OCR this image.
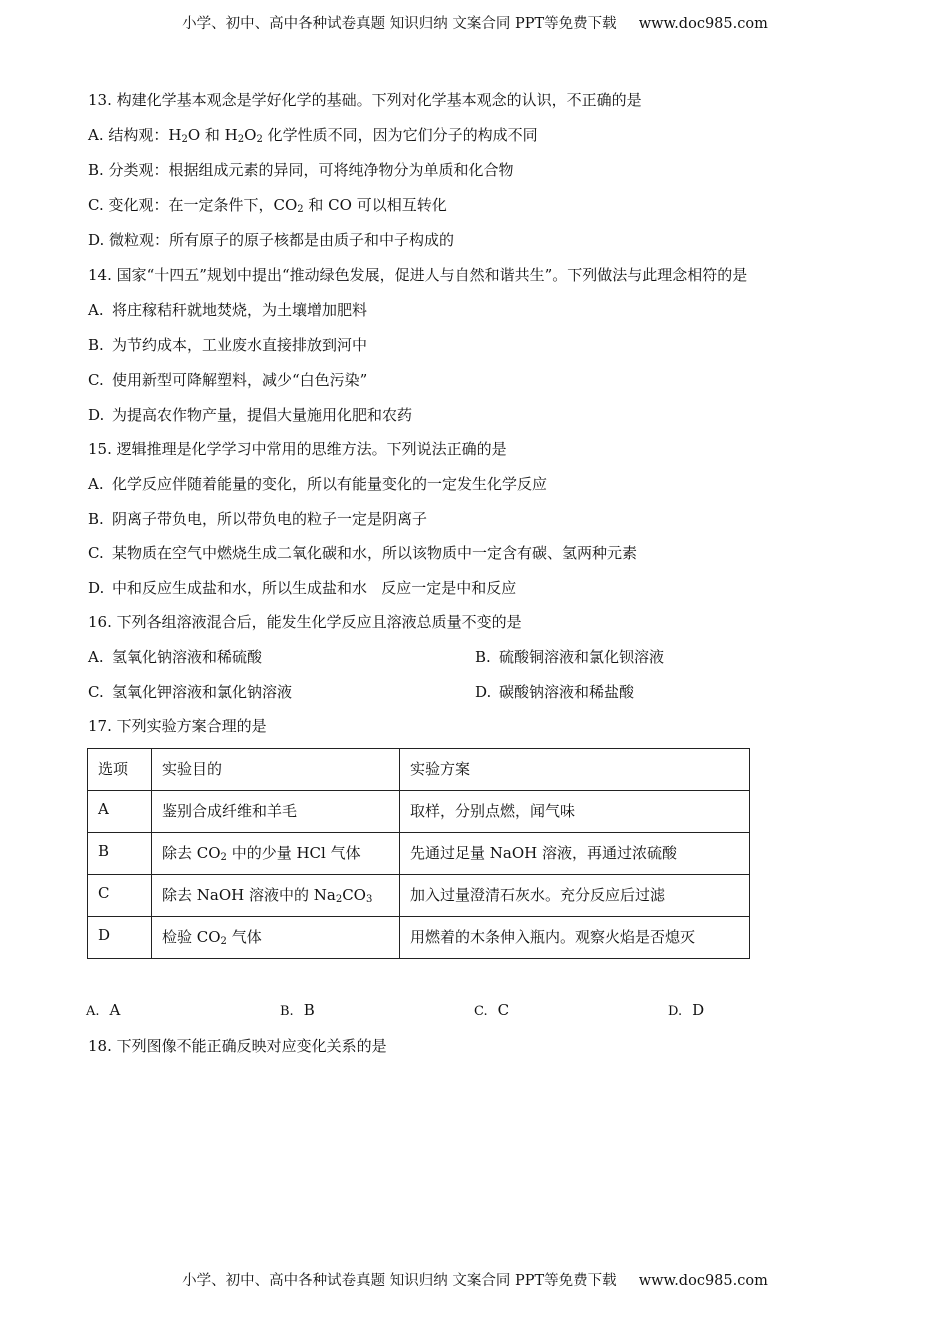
小学、初中、高中各种试卷真题 知识归纳 文案合同 PPT等免费下载 www.doc985.com
13. 构建化学基本观念是学好化学的基础。下列对化学基本观念的认识，不正确的是
A. 结构观：$H_2O$ 和 $H_2O_2$ 化学性质不同，因为它们分子的构成不同
B. 分类观：根据组成元素的异同，可将纯净物分为单质和化合物
C. 变化观：在一定条件下，$CO_2$ 和 CO 可以相互转化
D. 微粒观：所有原子的原子核都是由质子和中子构成的
14. 国家“十四五”规划中提出“推动绿色发展，促进人与自然和谐共生”。下列做法与此理念相符的是
A. 将庄稼秸秆就地焚烧，为土壤增加肥料
B. 为节约成本，工业废水直接排放到河中
C. 使用新型可降解塑料，减少“白色污染”
D. 为提高农作物产量，提倡大量施用化肥和农药
15. 逻辑推理是化学学习中常用的思维方法。下列说法正确的是
A. 化学反应伴随着能量的变化，所以有能量变化的一定发生化学反应
B. 阴离子带负电，所以带负电的粒子一定是阴离子
C. 某物质在空气中燃烧生成二氧化碳和水，所以该物质中一定含有碳、氢两种元素
D. 中和反应生成盐和水，所以生成盐和水   反应一定是中和反应
16. 下列各组溶液混合后，能发生化学反应且溶液总质量不变的是
A. 氢氧化钠溶液和稀硫酸	B. 硫酸铜溶液和氯化钡溶液
C. 氢氧化钾溶液和氯化钠溶液	D. 碳酸钠溶液和稀盐酸
17. 下列实验方案合理的是
选项	实验目的	实验方案
A	鉴别合成纤维和羊毛	取样，分别点燃，闻气味
B	除去 $CO_2$ 中的少量 HCl 气体	先通过足量 NaOH 溶液，再通过浓硫酸
C	除去 NaOH 溶液中的 $Na_2CO_3$	加入过量澄清石灰水。充分反应后过滤
D	检验 $CO_2$ 气体	用燃着的木条伸入瓶内。观察火焰是否熄灭
A. A	B. B	C. C	D. D
18. 下列图像不能正确反映对应变化关系的是
小学、初中、高中各种试卷真题 知识归纳 文案合同 PPT等免费下载 www.doc985.com
